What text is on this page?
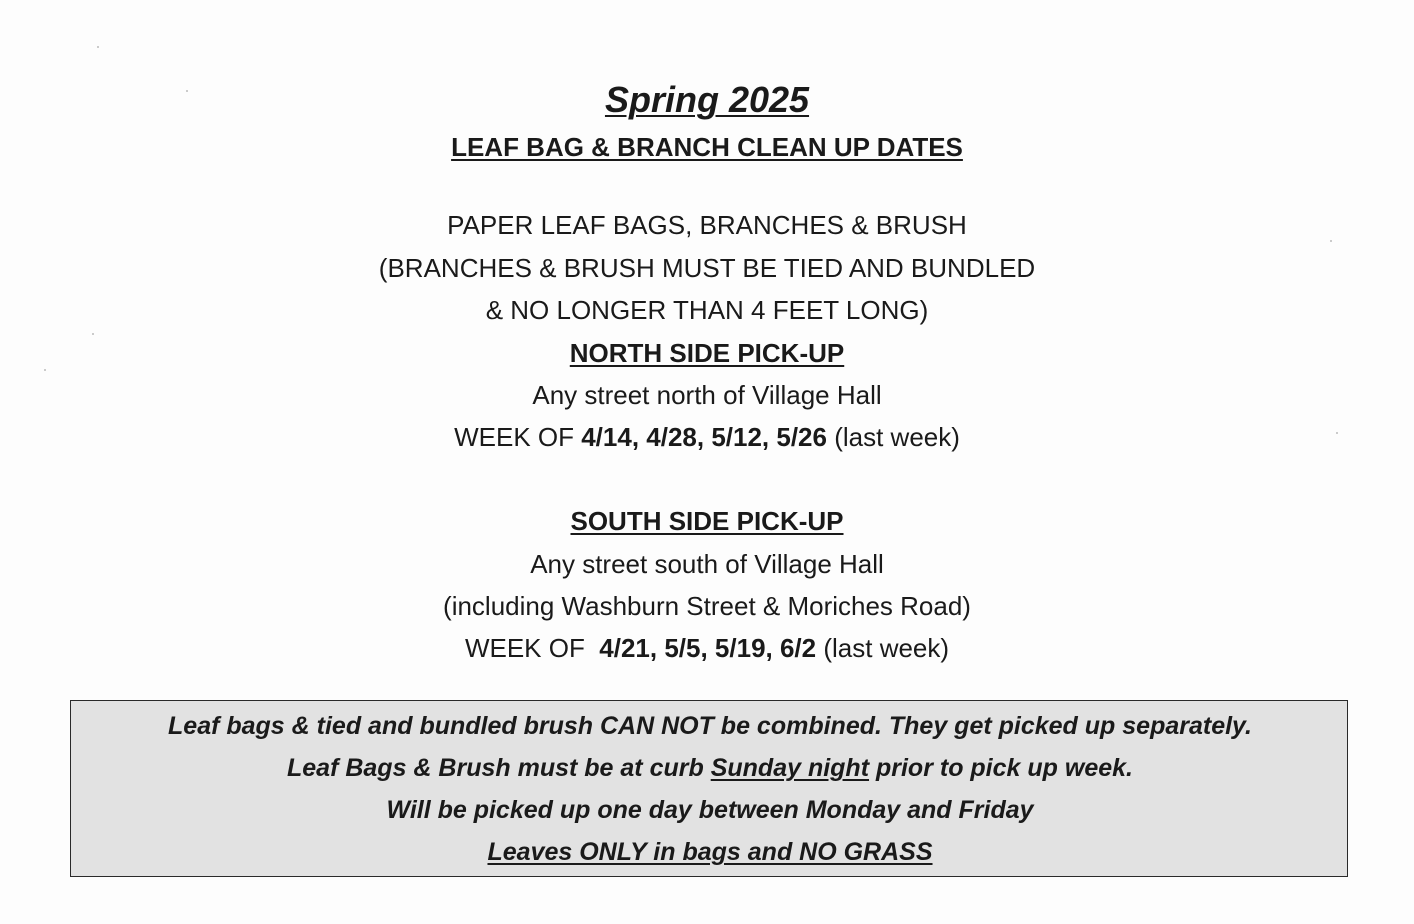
Spring 2025
LEAF BAG & BRANCH CLEAN UP DATES
PAPER LEAF BAGS, BRANCHES & BRUSH
(BRANCHES & BRUSH MUST BE TIED AND BUNDLED
& NO LONGER THAN 4 FEET LONG)
NORTH SIDE PICK-UP
Any street north of Village Hall
WEEK OF 4/14, 4/28, 5/12, 5/26 (last week)
SOUTH SIDE PICK-UP
Any street south of Village Hall
(including Washburn Street & Moriches Road)
WEEK OF  4/21, 5/5, 5/19, 6/2 (last week)
Leaf bags & tied and bundled brush CAN NOT be combined. They get picked up separately.
Leaf Bags & Brush must be at curb Sunday night prior to pick up week.
Will be picked up one day between Monday and Friday
Leaves ONLY in bags and NO GRASS
